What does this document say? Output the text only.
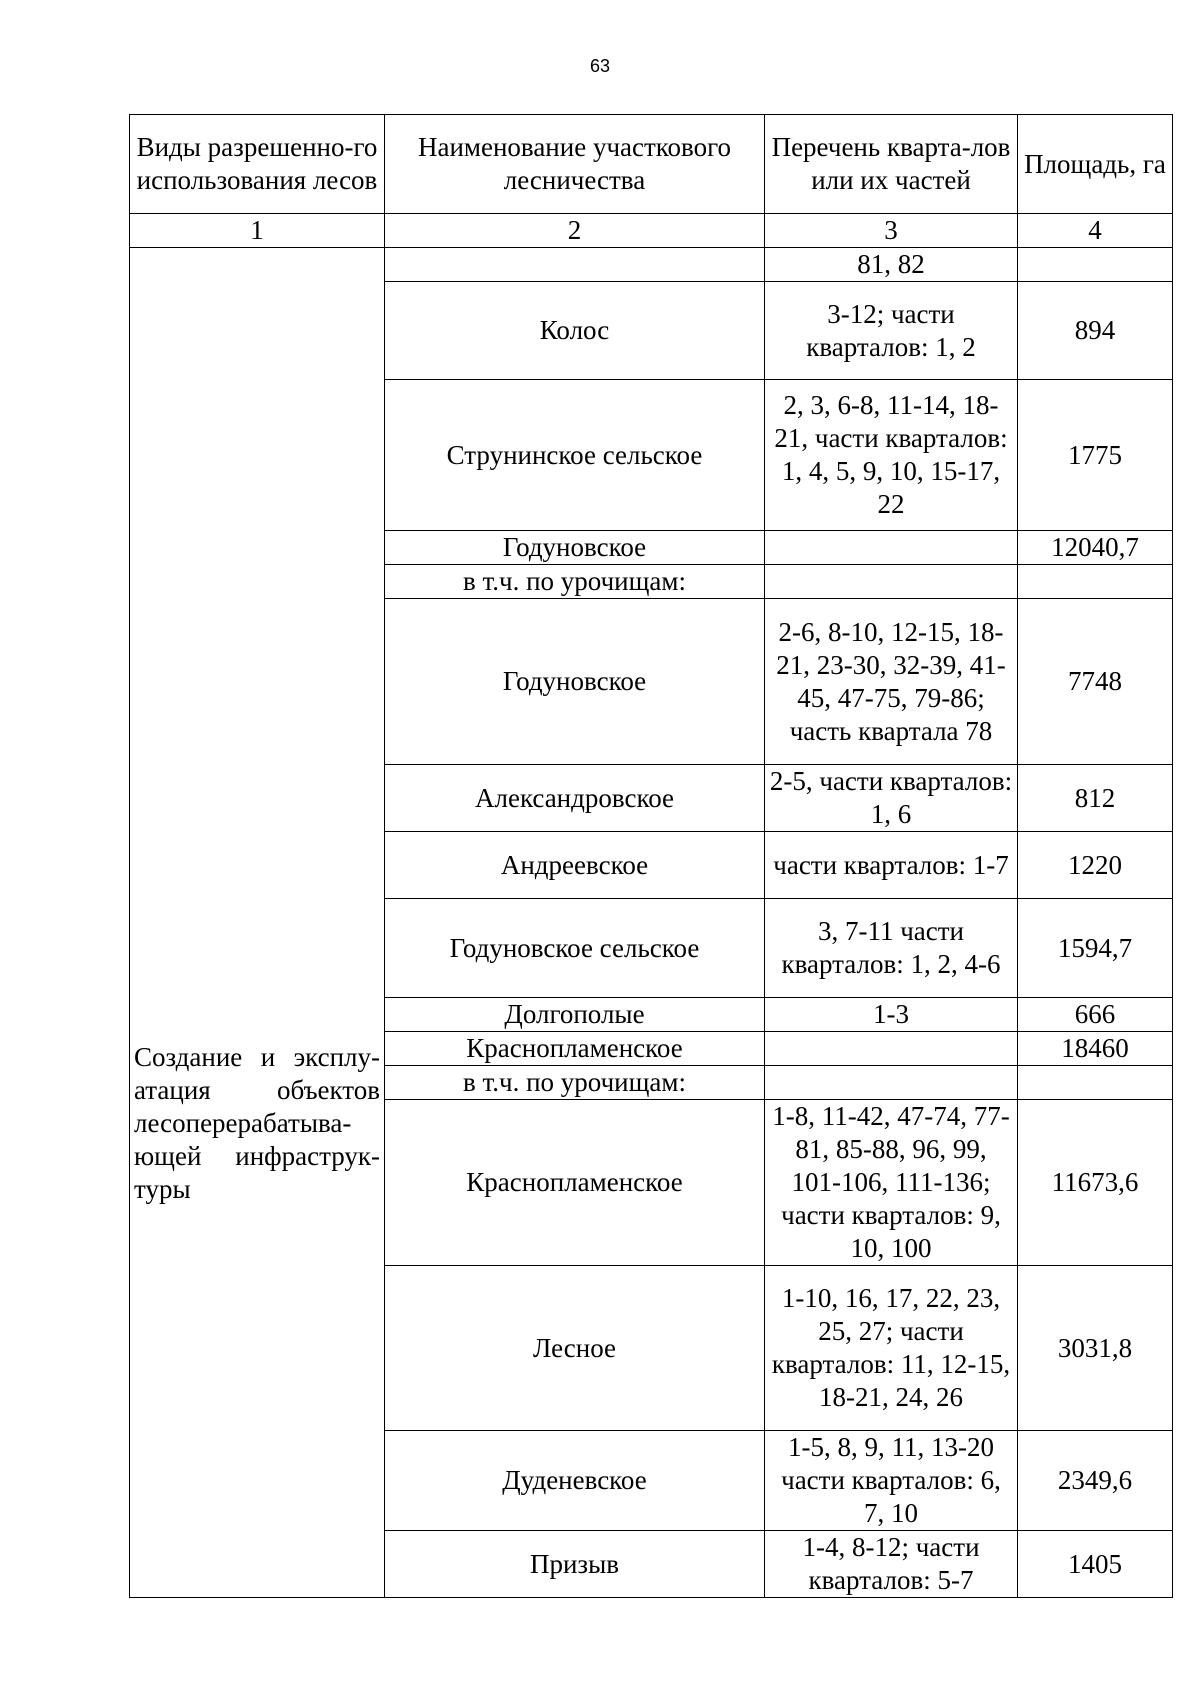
63
Виды разрешенно-го использования лесов	Наименование участкового лесничества	Перечень кварта-лов или их частей	Площадь, га
1	2	3	4

Создание и эксплу-атация объектов лесоперерабатыва-ющей инфраструк-туры		81, 82	
	Колос	3-12; части кварталов: 1, 2	894
	Струнинское сельское	2, 3, 6-8, 11-14, 18-21, части кварталов: 1, 4, 5, 9, 10, 15-17, 22	1775
	Годуновское		12040,7
	в т.ч. по урочищам:		
	Годуновское	2-6, 8-10, 12-15, 18-21, 23-30, 32-39, 41-45, 47-75, 79-86; часть квартала 78	7748
	Александровское	2-5, части кварталов: 1, 6	812
	Андреевское	части кварталов: 1-7	1220
	Годуновское сельское	3, 7-11 части кварталов: 1, 2, 4-6	1594,7
	Долгополые	1-3	666
	Краснопламенское		18460
	в т.ч. по урочищам:		
	Краснопламенское	1-8, 11-42, 47-74, 77-81, 85-88, 96, 99, 101-106, 111-136; части кварталов: 9, 10, 100	11673,6
	Лесное	1-10, 16, 17, 22, 23, 25, 27; части кварталов: 11, 12-15, 18-21, 24, 26	3031,8
	Дуденевское	1-5, 8, 9, 11, 13-20 части кварталов: 6, 7, 10	2349,6
	Призыв	1-4, 8-12; части кварталов: 5-7	1405
